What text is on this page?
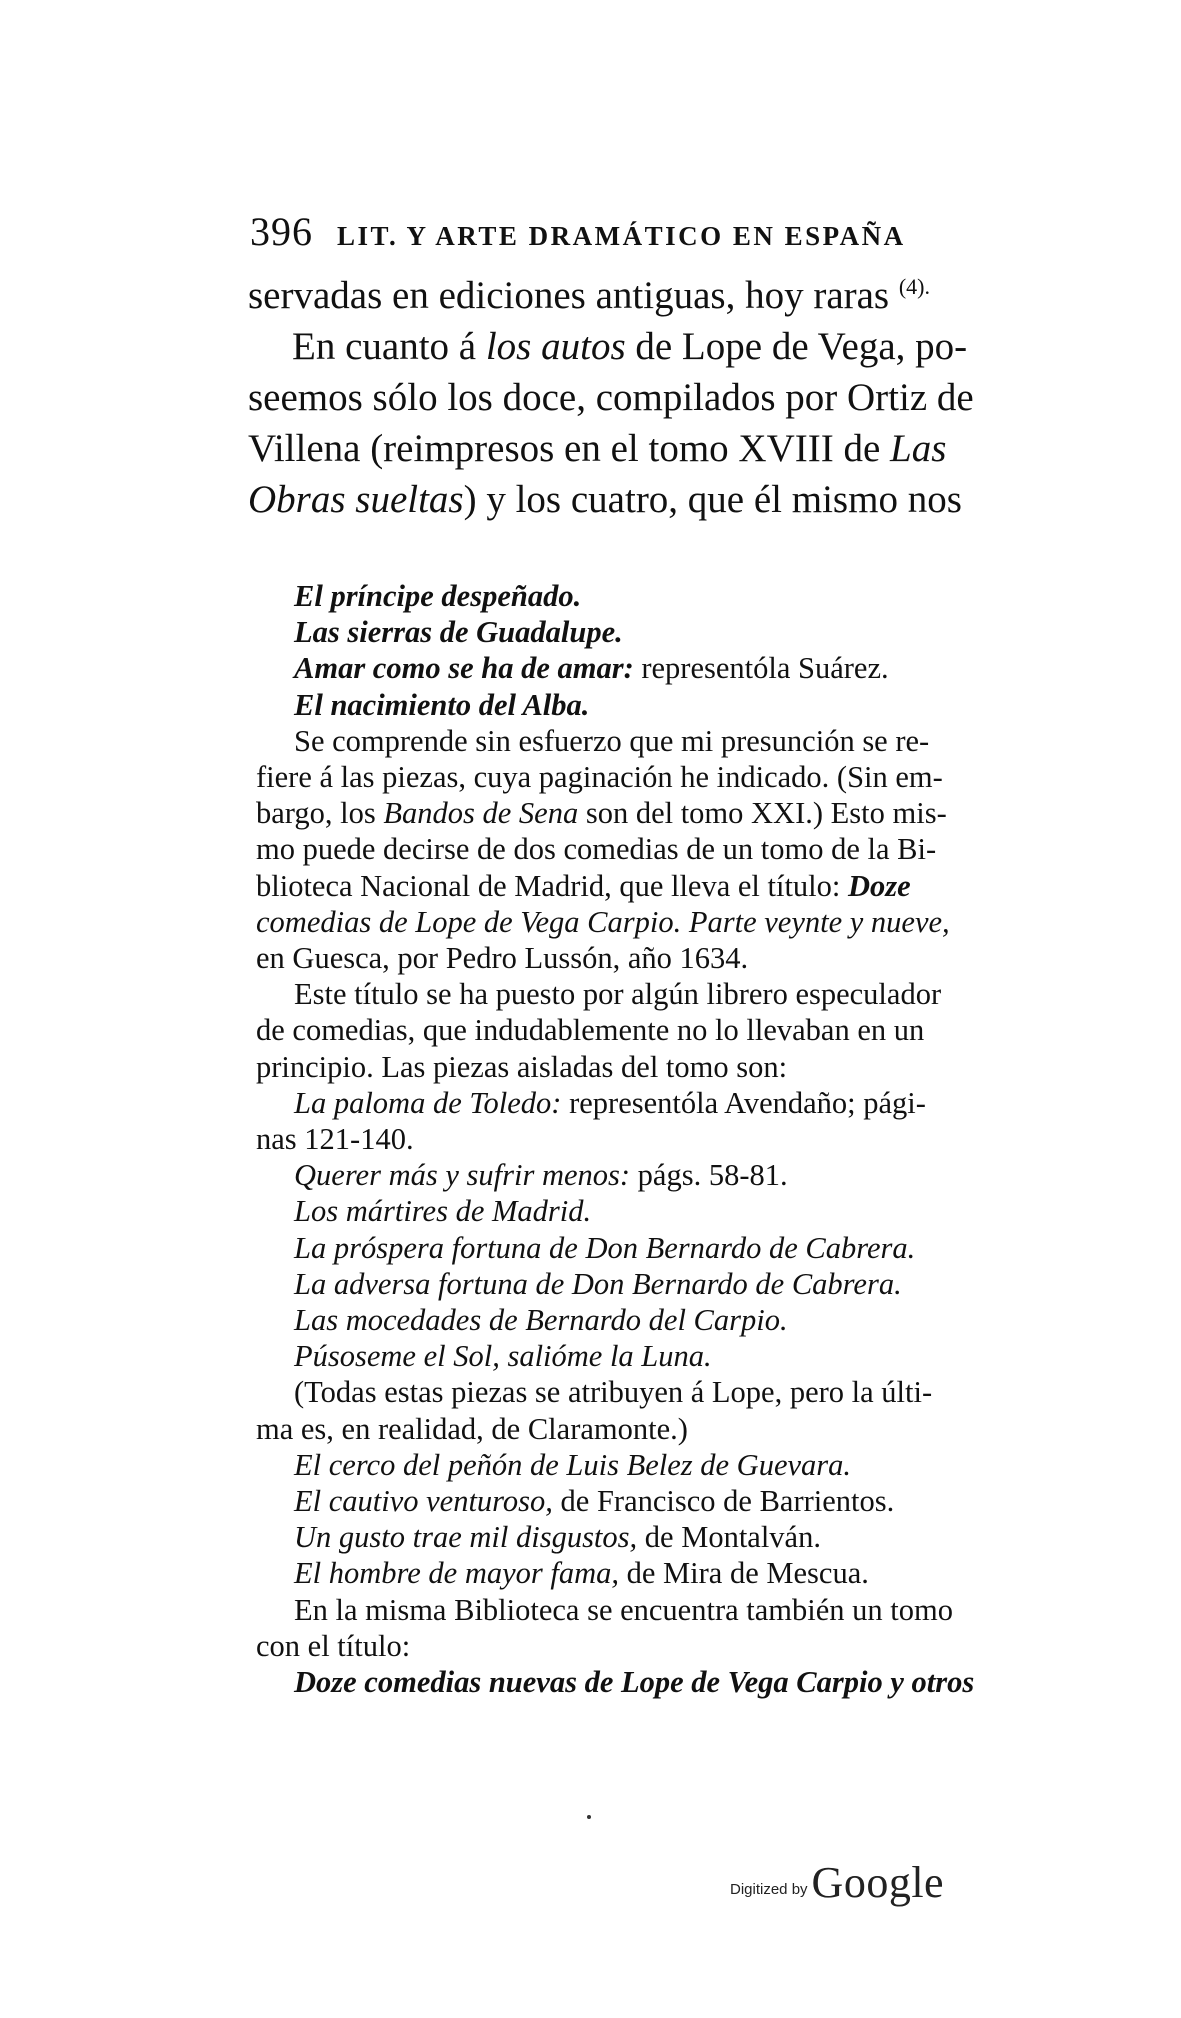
396 LIT. Y ARTE DRAMÁTICO EN ESPAÑA
servadas en ediciones antiguas, hoy raras $^{(4).}$
En cuanto á los autos de Lope de Vega, po-
seemos sólo los doce, compilados por Ortiz de
Villena (reimpresos en el tomo XVIII de Las
Obras sueltas) y los cuatro, que él mismo nos
El príncipe despeñado.
Las sierras de Guadalupe.
Amar como se ha de amar: representóla Suárez.
El nacimiento del Alba.
Se comprende sin esfuerzo que mi presunción se re-
fiere á las piezas, cuya paginación he indicado. (Sin em-
bargo, los Bandos de Sena son del tomo XXI.) Esto mis-
mo puede decirse de dos comedias de un tomo de la Bi-
blioteca Nacional de Madrid, que lleva el título: Doze
comedias de Lope de Vega Carpio. Parte veynte y nueve,
en Guesca, por Pedro Lussón, año 1634.
Este título se ha puesto por algún librero especulador
de comedias, que indudablemente no lo llevaban en un
principio. Las piezas aisladas del tomo son:
La paloma de Toledo: representóla Avendaño; pági-
nas 121-140.
Querer más y sufrir menos: págs. 58-81.
Los mártires de Madrid.
La próspera fortuna de Don Bernardo de Cabrera.
La adversa fortuna de Don Bernardo de Cabrera.
Las mocedades de Bernardo del Carpio.
Púsoseme el Sol, salióme la Luna.
(Todas estas piezas se atribuyen á Lope, pero la últi-
ma es, en realidad, de Claramonte.)
El cerco del peñón de Luis Belez de Guevara.
El cautivo venturoso, de Francisco de Barrientos.
Un gusto trae mil disgustos, de Montalván.
El hombre de mayor fama, de Mira de Mescua.
En la misma Biblioteca se encuentra también un tomo
con el título:
Doze comedias nuevas de Lope de Vega Carpio y otros
Digitized by Google
